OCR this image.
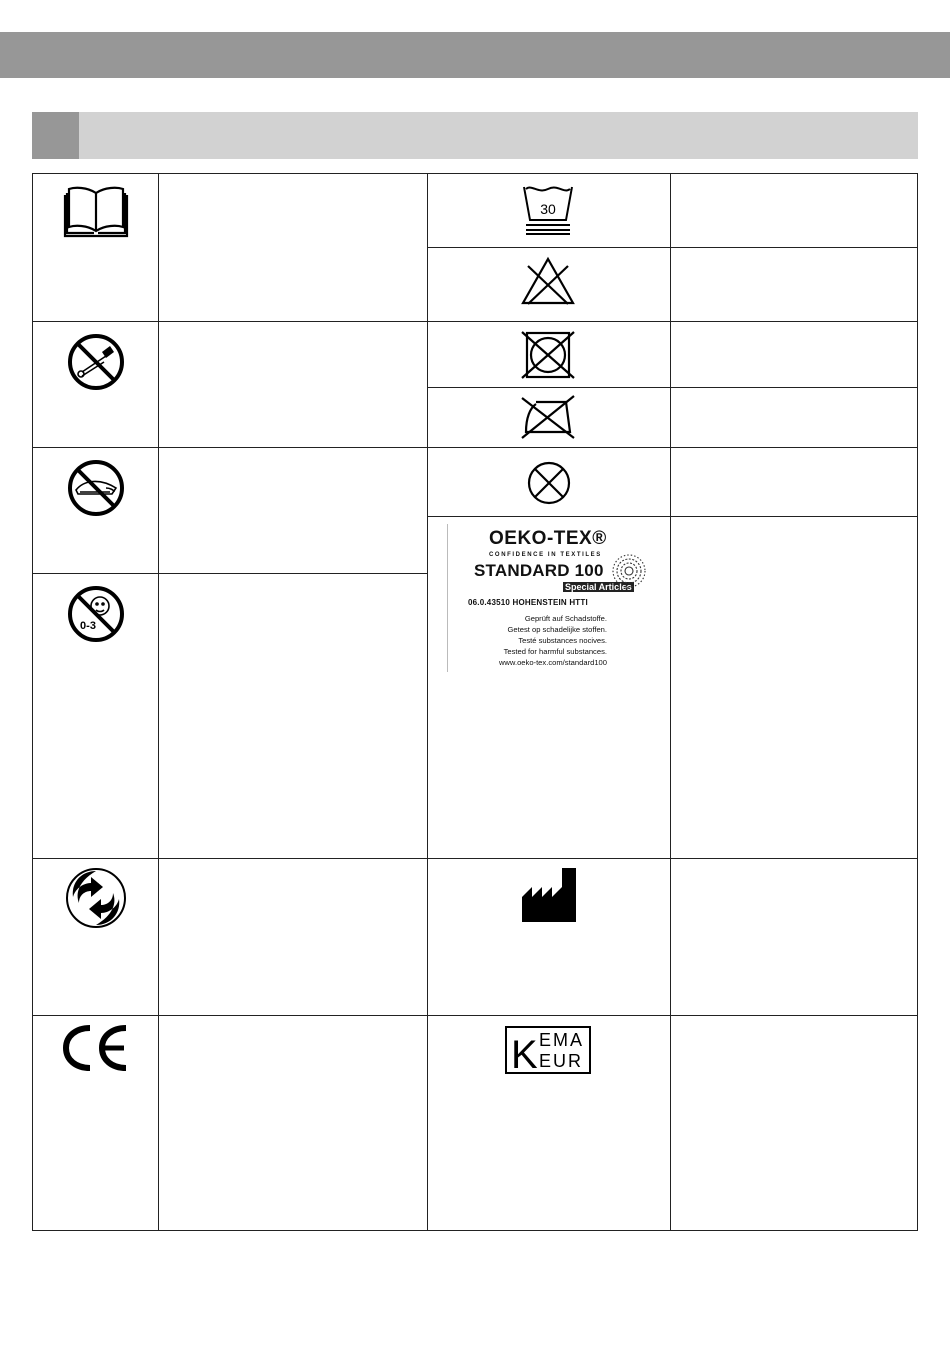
30
0-3
K EMA
EUR
OEKO-TEX®
CONFIDENCE IN TEXTILES
STANDARD 100
Special Articles
06.0.43510 HOHENSTEIN HTTI
Geprüft auf Schadstoffe.
Getest op schadelijke stoffen.
Testé substances nocives.
Tested for harmful substances.
www.oeko-tex.com/standard100
